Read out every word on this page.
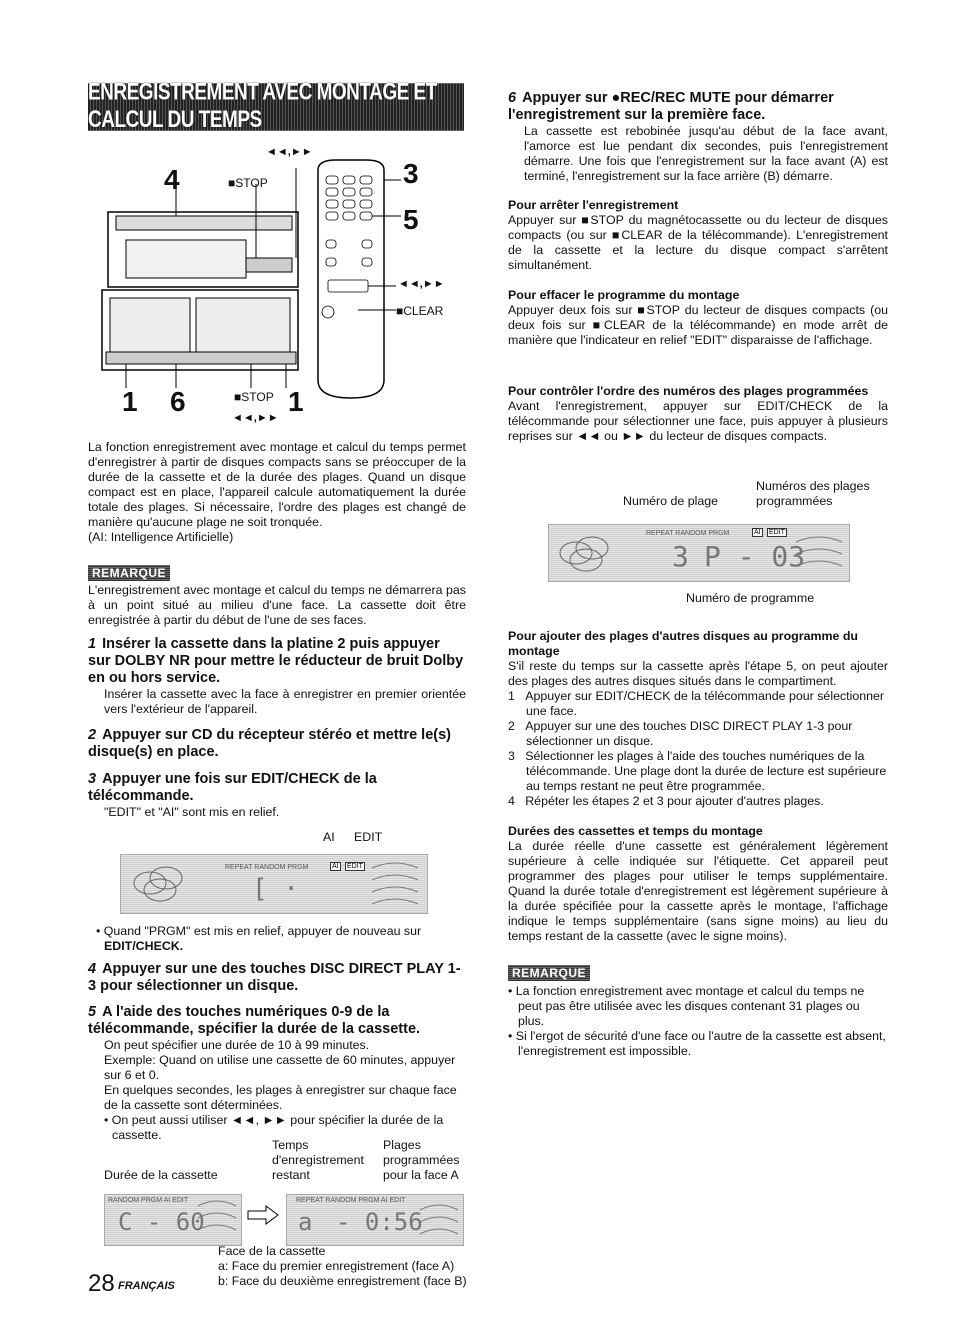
ENREGISTREMENT AVEC MONTAGE ET CALCUL DU TEMPS
4	■STOP
◄◄,►►
3
5
◄◄,►►
■CLEAR
1 6	■STOP 1
◄◄,►►

La fonction enregistrement avec montage et calcul du temps permet d'enregistrer à partir de disques compacts sans se préoccuper de la durée de la cassette et de la durée des plages. Quand un disque compact est en place, l'appareil calcule automatiquement la durée totale des plages. Si nécessaire, l'ordre des plages est changé de manière qu'aucune plage ne soit tronquée.

(AI: Intelligence Artificielle)

REMARQUE

L'enregistrement avec montage et calcul du temps ne démarrera pas à un point situé au milieu d'une face. La cassette doit être enregistrée à partir du début de l'une de ses faces.

1 Insérer la cassette dans la platine 2 puis appuyer sur DOLBY NR pour mettre le réducteur de bruit Dolby en ou hors service.

Insérer la cassette avec la face à enregistrer en premier orientée vers l'extérieur de l'appareil.

2 Appuyer sur CD du récepteur stéréo et mettre le(s) disque(s) en place.

3 Appuyer une fois sur EDIT/CHECK de la télécommande.

"EDIT" et "AI" sont mis en relief.

AI EDIT
REPEAT RANDOM PRGM	AI EDIT
[ ·

• Quand "PRGM" est mis en relief, appuyer de nouveau sur EDIT/CHECK.

4 Appuyer sur une des touches DISC DIRECT PLAY 1-3 pour sélectionner un disque.

5 A l'aide des touches numériques 0-9 de la télécommande, spécifier la durée de la cassette.

On peut spécifier une durée de 10 à 99 minutes.

Exemple: Quand on utilise une cassette de 60 minutes, appuyer sur 6 et 0.

En quelques secondes, les plages à enregistrer sur chaque face de la cassette sont déterminées.

• On peut aussi utiliser ◄◄, ►► pour spécifier la durée de la cassette.

Durée de la cassette
Temps
d'enregistrement
restant
Plages
programmées
pour la face A
RANDOM PRGM AI EDIT
C - 60
REPEAT RANDOM PRGM AI EDIT
a - 0:56
Face de la cassette
a: Face du premier enregistrement (face A)
b: Face du deuxième enregistrement (face B)
28 FRANÇAIS

6 Appuyer sur ●REC/REC MUTE pour démarrer l'enregistrement sur la première face.

La cassette est rebobinée jusqu'au début de la face avant, l'amorce est lue pendant dix secondes, puis l'enregistrement démarre. Une fois que l'enregistrement sur la face avant (A) est terminé, l'enregistrement sur la face arrière (B) démarre.

Pour arrêter l'enregistrement

Appuyer sur ■STOP du magnétocassette ou du lecteur de disques compacts (ou sur ■CLEAR de la télécommande). L'enregistrement de la cassette et la lecture du disque compact s'arrêtent simultanément.

Pour effacer le programme du montage

Appuyer deux fois sur ■STOP du lecteur de disques compacts (ou deux fois sur ■CLEAR de la télécommande) en mode arrêt de manière que l'indicateur en relief "EDIT" disparaisse de l'affichage.

Pour contrôler l'ordre des numéros des plages programmées

Avant l'enregistrement, appuyer sur EDIT/CHECK de la télécommande pour sélectionner une face, puis appuyer à plusieurs reprises sur ◄◄ ou ►► du lecteur de disques compacts.

Numéros des plages
Numéro de plage	programmées
REPEAT RANDOM PRGM	AI EDIT
3 P - 03
Numéro de programme

Pour ajouter des plages d'autres disques au programme du montage

S'il reste du temps sur la cassette après l'étape 5, on peut ajouter des plages des autres disques situés dans le compartiment.

1 Appuyer sur EDIT/CHECK de la télécommande pour sélectionner une face.
2 Appuyer sur une des touches DISC DIRECT PLAY 1-3 pour sélectionner un disque.
3 Sélectionner les plages à l'aide des touches numériques de la télécommande. Une plage dont la durée de lecture est supérieure au temps restant ne peut être programmée.
4 Répéter les étapes 2 et 3 pour ajouter d'autres plages.

Durées des cassettes et temps du montage

La durée réelle d'une cassette est généralement légèrement supérieure à celle indiquée sur l'étiquette. Cet appareil peut programmer des plages pour utiliser le temps supplémentaire. Quand la durée totale d'enregistrement est légèrement supérieure à la durée spécifiée pour la cassette après le montage, l'affichage indique le temps supplémentaire (sans signe moins) au lieu du temps restant de la cassette (avec le signe moins).

REMARQUE
• La fonction enregistrement avec montage et calcul du temps ne peut pas être utilisée avec les disques contenant 31 plages ou plus.
• Si l'ergot de sécurité d'une face ou l'autre de la cassette est absent, l'enregistrement est impossible.
